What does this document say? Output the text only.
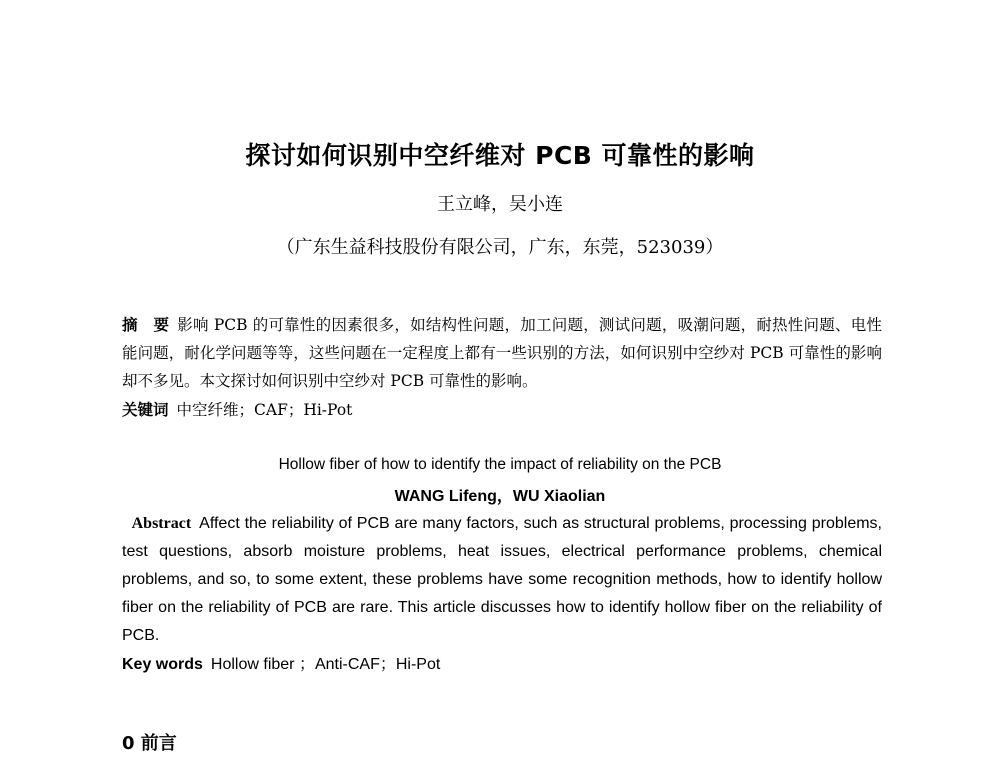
探讨如何识别中空纤维对 PCB 可靠性的影响
王立峰，吴小连
（广东生益科技股份有限公司，广东，东莞，523039）
摘　要 影响 PCB 的可靠性的因素很多，如结构性问题，加工问题，测试问题，吸潮问题，耐热性问题、电性能问题，耐化学问题等等，这些问题在一定程度上都有一些识别的方法，如何识别中空纱对 PCB 可靠性的影响却不多见。本文探讨如何识别中空纱对 PCB 可靠性的影响。
关键词 中空纤维；CAF；Hi-Pot
Hollow fiber of how to identify the impact of reliability on the PCB
WANG Lifeng，WU Xiaolian
Abstract Affect the reliability of PCB are many factors, such as structural problems, processing problems, test questions, absorb moisture problems, heat issues, electrical performance problems, chemical problems, and so, to some extent, these problems have some recognition methods, how to identify hollow fiber on the reliability of PCB are rare. This article discusses how to identify hollow fiber on the reliability of PCB.
Key words Hollow fiber ；Anti-CAF；Hi-Pot
0 前言
